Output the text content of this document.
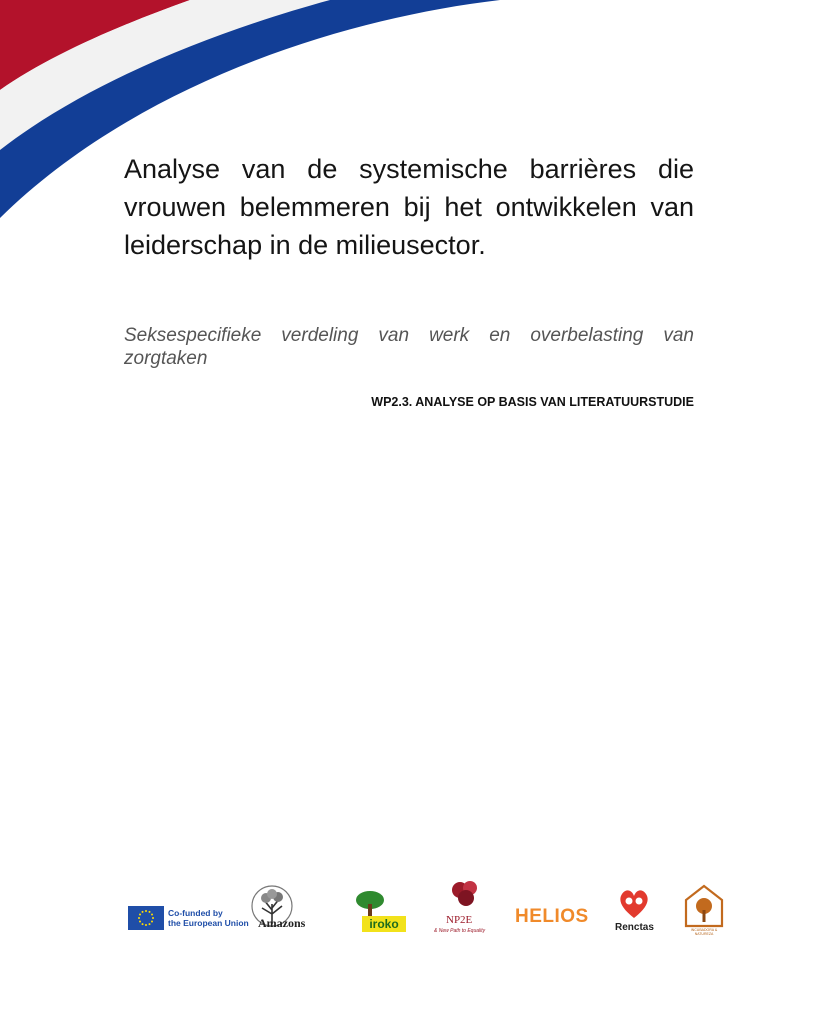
Analyse van de systemische barrières die vrouwen belemmeren bij het ontwikkelen van leiderschap in de milieusector.

Seksespecifieke verdeling van werk en overbelasting van zorgtaken

WP2.3. ANALYSE OP BASIS VAN LITERATUURSTUDIE
Co-funded by
the European Union Amazons	iroko	NP2E
& New Path to Equality
HELIOS
Renctas	INCUBADORA & NATUREZA
